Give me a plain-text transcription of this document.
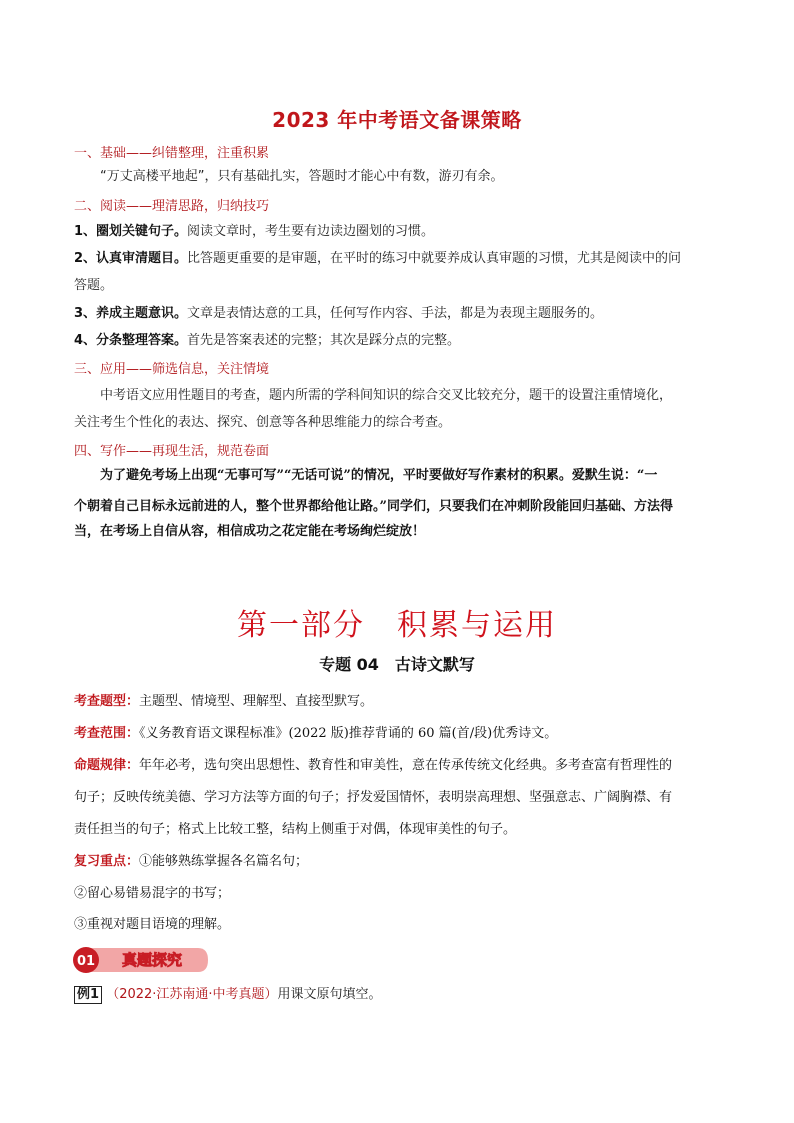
2023 年中考语文备课策略
一、基础——纠错整理，注重积累
“万丈高楼平地起”，只有基础扎实，答题时才能心中有数，游刃有余。
二、阅读——理清思路，归纳技巧
1、圈划关键句子。阅读文章时，考生要有边读边圈划的习惯。
2、认真审清题目。比答题更重要的是审题，在平时的练习中就要养成认真审题的习惯，尤其是阅读中的问
答题。
3、养成主题意识。文章是表情达意的工具，任何写作内容、手法，都是为表现主题服务的。
4、分条整理答案。首先是答案表述的完整；其次是踩分点的完整。
三、应用——筛选信息，关注情境
中考语文应用性题目的考查，题内所需的学科间知识的综合交叉比较充分，题干的设置注重情境化，
关注考生个性化的表达、探究、创意等各种思维能力的综合考查。
四、写作——再现生活，规范卷面
为了避免考场上出现“无事可写”“无话可说”的情况，平时要做好写作素材的积累。爱默生说：“一
个朝着自己目标永远前进的人，整个世界都给他让路。”同学们，只要我们在冲刺阶段能回归基础、方法得
当，在考场上自信从容，相信成功之花定能在考场绚烂绽放！
第一部分　积累与运用
专题 04　古诗文默写
考查题型：主题型、情境型、理解型、直接型默写。
考查范围：《义务教育语文课程标准》(2022 版)推荐背诵的 60 篇(首/段)优秀诗文。
命题规律：年年必考，选句突出思想性、教育性和审美性，意在传承传统文化经典。多考查富有哲理性的
句子；反映传统美德、学习方法等方面的句子；抒发爱国情怀，表明崇高理想、坚强意志、广阔胸襟、有
责任担当的句子；格式上比较工整，结构上侧重于对偶，体现审美性的句子。
复习重点：①能够熟练掌握各名篇名句；
②留心易错易混字的书写；
③重视对题目语境的理解。
01 真题探究
例1 （2022·江苏南通·中考真题）用课文原句填空。
